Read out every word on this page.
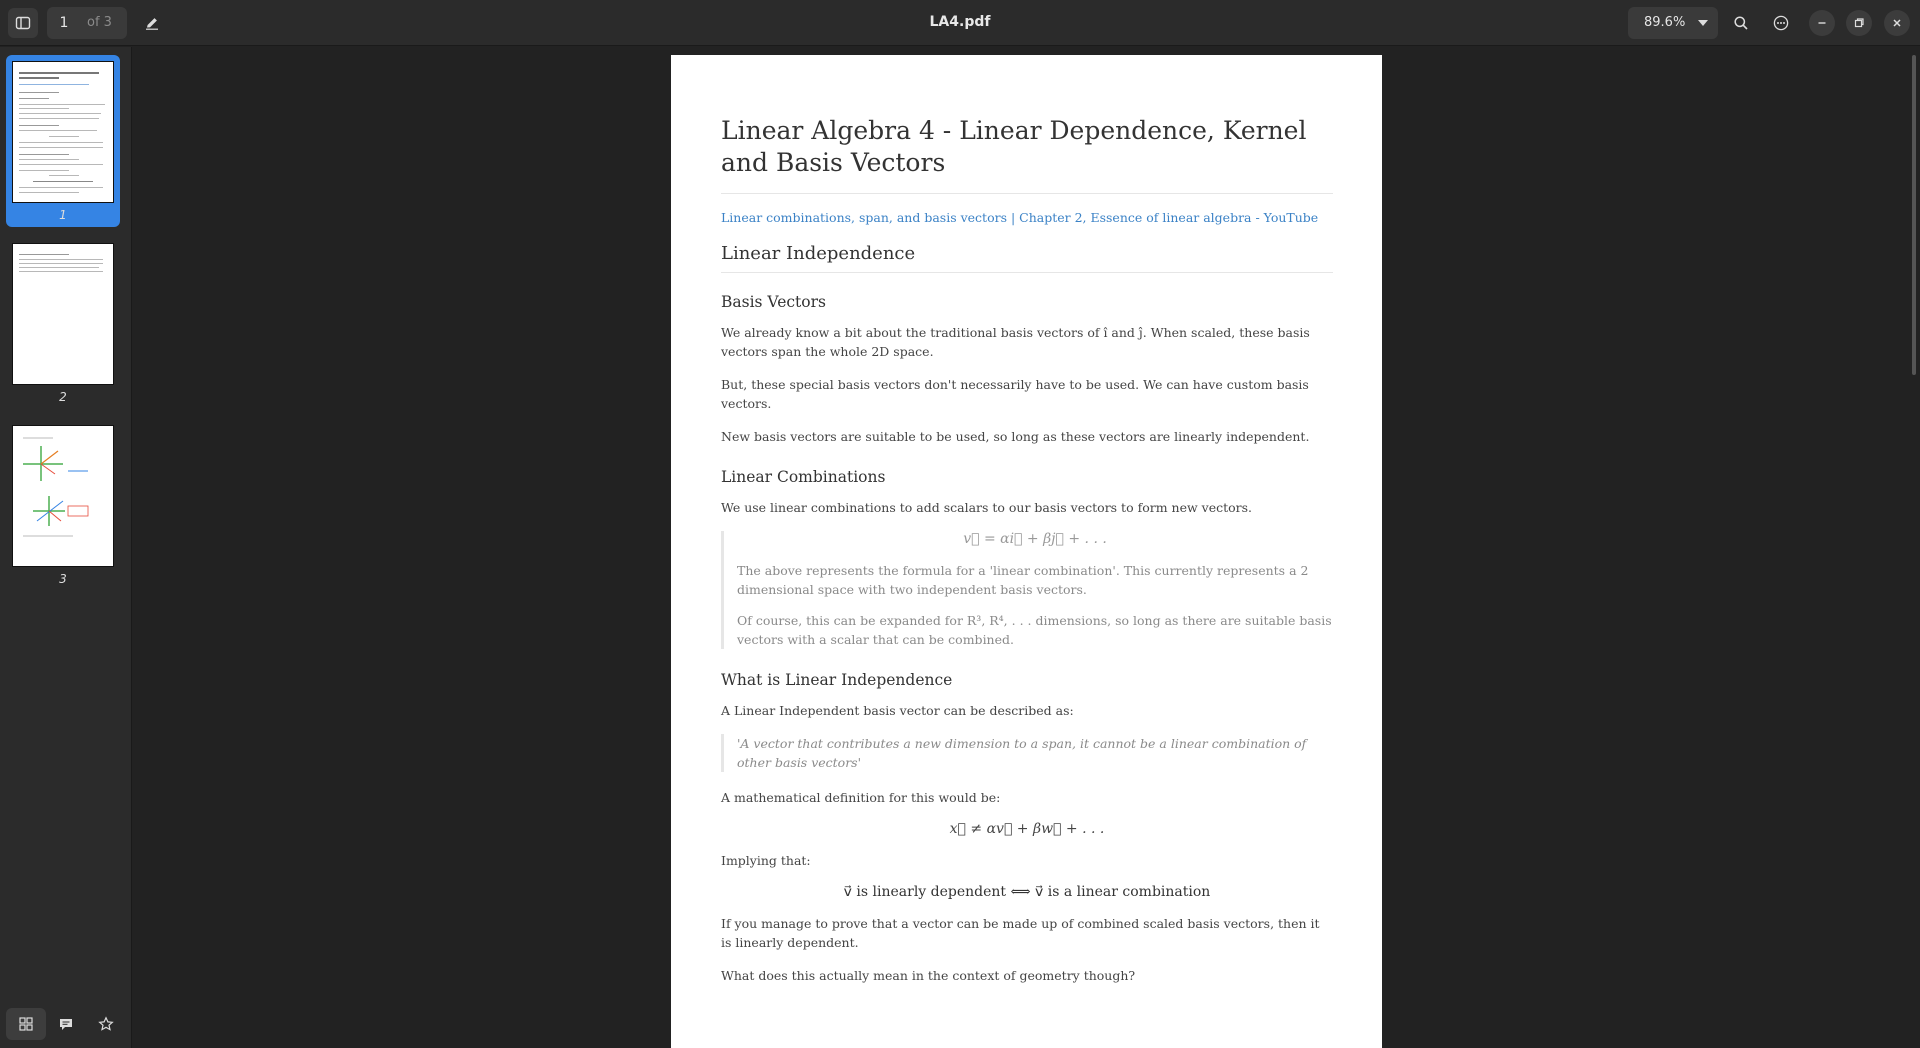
1
of 3	LA4.pdf	89.6%
1
2
3
Linear Algebra 4 - Linear Dependence, Kernel and Basis Vectors
Linear combinations, span, and basis vectors | Chapter 2, Essence of linear algebra - YouTube
Linear Independence
Basis Vectors

We already know a bit about the traditional basis vectors of î and ĵ. When scaled, these basis vectors span the whole 2D space.

But, these special basis vectors don't necessarily have to be used. We can have custom basis vectors.

New basis vectors are suitable to be used, so long as these vectors are linearly independent.

Linear Combinations

We use linear combinations to add scalars to our basis vectors to form new vectors.

v⃗ = αi⃗ + βj⃗ + . . .

The above represents the formula for a 'linear combination'. This currently represents a 2 dimensional space with two independent basis vectors.

Of course, this can be expanded for R³, R⁴, . . . dimensions, so long as there are suitable basis vectors with a scalar that can be combined.

What is Linear Independence

A Linear Independent basis vector can be described as:

'A vector that contributes a new dimension to a span, it cannot be a linear combination of other basis vectors'

A mathematical definition for this would be:

x⃗ ≠ αv⃗ + βw⃗ + . . .

Implying that:

v⃗ is linearly dependent ⟺ v⃗ is a linear combination

If you manage to prove that a vector can be made up of combined scaled basis vectors, then it is linearly dependent.

What does this actually mean in the context of geometry though?
